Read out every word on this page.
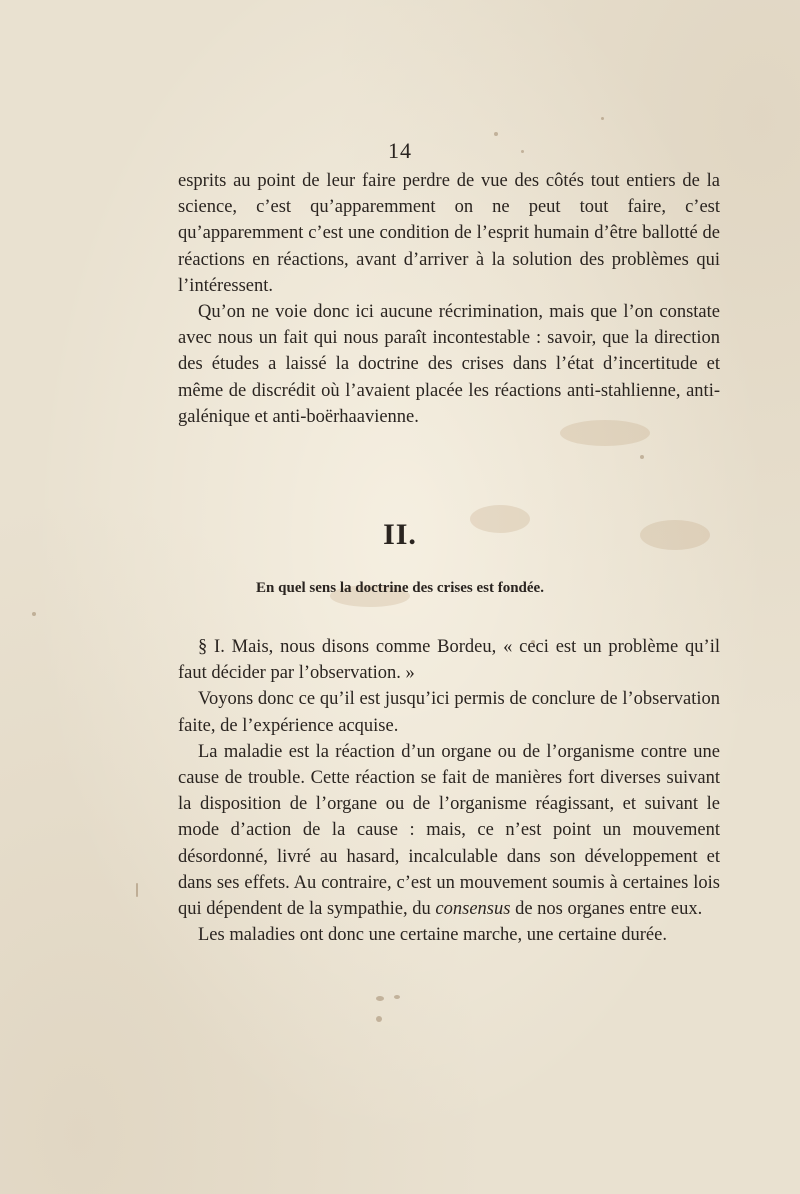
14

esprits au point de leur faire perdre de vue des côtés tout entiers de la science, c’est qu’apparemment on ne peut tout faire, c’est qu’apparemment c’est une condition de l’esprit humain d’être ballotté de réactions en réactions, avant d’arriver à la solution des problèmes qui l’intéressent.

Qu’on ne voie donc ici aucune récrimination, mais que l’on constate avec nous un fait qui nous paraît incontestable : savoir, que la direction des études a laissé la doctrine des crises dans l’état d’incertitude et même de discrédit où l’avaient placée les réactions anti-stahlienne, anti-galénique et anti-boërhaavienne.

II.
En quel sens la doctrine des crises est fondée.

§ I. Mais, nous disons comme Bordeu, « ceci est un problème qu’il faut décider par l’observation. »

Voyons donc ce qu’il est jusqu’ici permis de conclure de l’observation faite, de l’expérience acquise.

La maladie est la réaction d’un organe ou de l’organisme contre une cause de trouble. Cette réaction se fait de manières fort diverses suivant la disposition de l’organe ou de l’organisme réagissant, et suivant le mode d’action de la cause : mais, ce n’est point un mouvement désordonné, livré au hasard, incalculable dans son développement et dans ses effets. Au contraire, c’est un mouvement soumis à certaines lois qui dépendent de la sympathie, du consensus de nos organes entre eux.

Les maladies ont donc une certaine marche, une certaine durée.
